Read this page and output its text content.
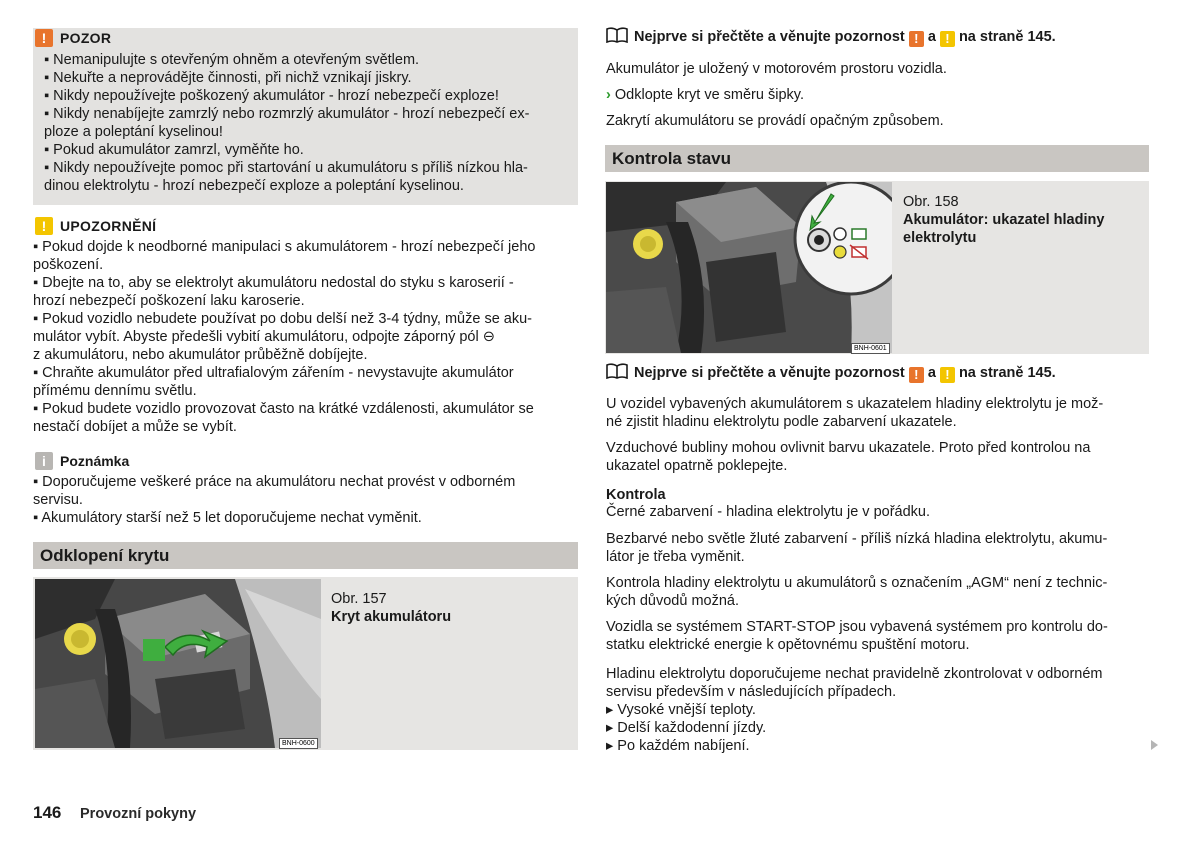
! POZOR
▪ Nemanipulujte s otevřeným ohněm a otevřeným světlem.
▪ Nekuřte a neprovádějte činnosti, při nichž vznikají jiskry.
▪ Nikdy nepoužívejte poškozený akumulátor - hrozí nebezpečí exploze!
▪ Nikdy nenabíjejte zamrzlý nebo rozmrzlý akumulátor - hrozí nebezpečí ex-
ploze a poleptání kyselinou!
▪ Pokud akumulátor zamrzl, vyměňte ho.
▪ Nikdy nepoužívejte pomoc při startování u akumulátoru s příliš nízkou hla-
dinou elektrolytu - hrozí nebezpečí exploze a poleptání kyselinou.
! UPOZORNĚNÍ
▪ Pokud dojde k neodborné manipulaci s akumulátorem - hrozí nebezpečí jeho
poškození.
▪ Dbejte na to, aby se elektrolyt akumulátoru nedostal do styku s karoserií -
hrozí nebezpečí poškození laku karoserie.
▪ Pokud vozidlo nebudete používat po dobu delší než 3-4 týdny, může se aku-
mulátor vybít. Abyste předešli vybití akumulátoru, odpojte záporný pól ⊖
z akumulátoru, nebo akumulátor průběžně dobíjejte.
▪ Chraňte akumulátor před ultrafialovým zářením - nevystavujte akumulátor
přímému dennímu světlu.
▪ Pokud budete vozidlo provozovat často na krátké vzdálenosti, akumulátor se
nestačí dobíjet a může se vybít.
i	Poznámka
▪ Doporučujeme veškeré práce na akumulátoru nechat provést v odborném
servisu.
▪ Akumulátory starší než 5 let doporučujeme nechat vyměnit.
Odklopení krytu
BNH-0600
Obr. 157
Kryt akumulátoru
146 Provozní pokyny
Nejprve si přečtěte a věnujte pozornost ! a ! na straně 145.
Akumulátor je uložený v motorovém prostoru vozidla.
› Odklopte kryt ve směru šipky.
Zakrytí akumulátoru se provádí opačným způsobem.
Kontrola stavu
BNH-0601
Obr. 158
Akumulátor: ukazatel hladiny
elektrolytu
Nejprve si přečtěte a věnujte pozornost ! a ! na straně 145.
U vozidel vybavených akumulátorem s ukazatelem hladiny elektrolytu je mož-
né zjistit hladinu elektrolytu podle zabarvení ukazatele.
Vzduchové bubliny mohou ovlivnit barvu ukazatele. Proto před kontrolou na
ukazatel opatrně poklepejte.
Kontrola
Černé zabarvení - hladina elektrolytu je v pořádku.
Bezbarvé nebo světle žluté zabarvení - příliš nízká hladina elektrolytu, akumu-
látor je třeba vyměnit.
Kontrola hladiny elektrolytu u akumulátorů s označením „AGM“ není z technic-
kých důvodů možná.
Vozidla se systémem START-STOP jsou vybavená systémem pro kontrolu do-
statku elektrické energie k opětovnému spuštění motoru.
Hladinu elektrolytu doporučujeme nechat pravidelně zkontrolovat v odborném
servisu především v následujících případech.
▸ Vysoké vnější teploty.
▸ Delší každodenní jízdy.
▸ Po každém nabíjení.
